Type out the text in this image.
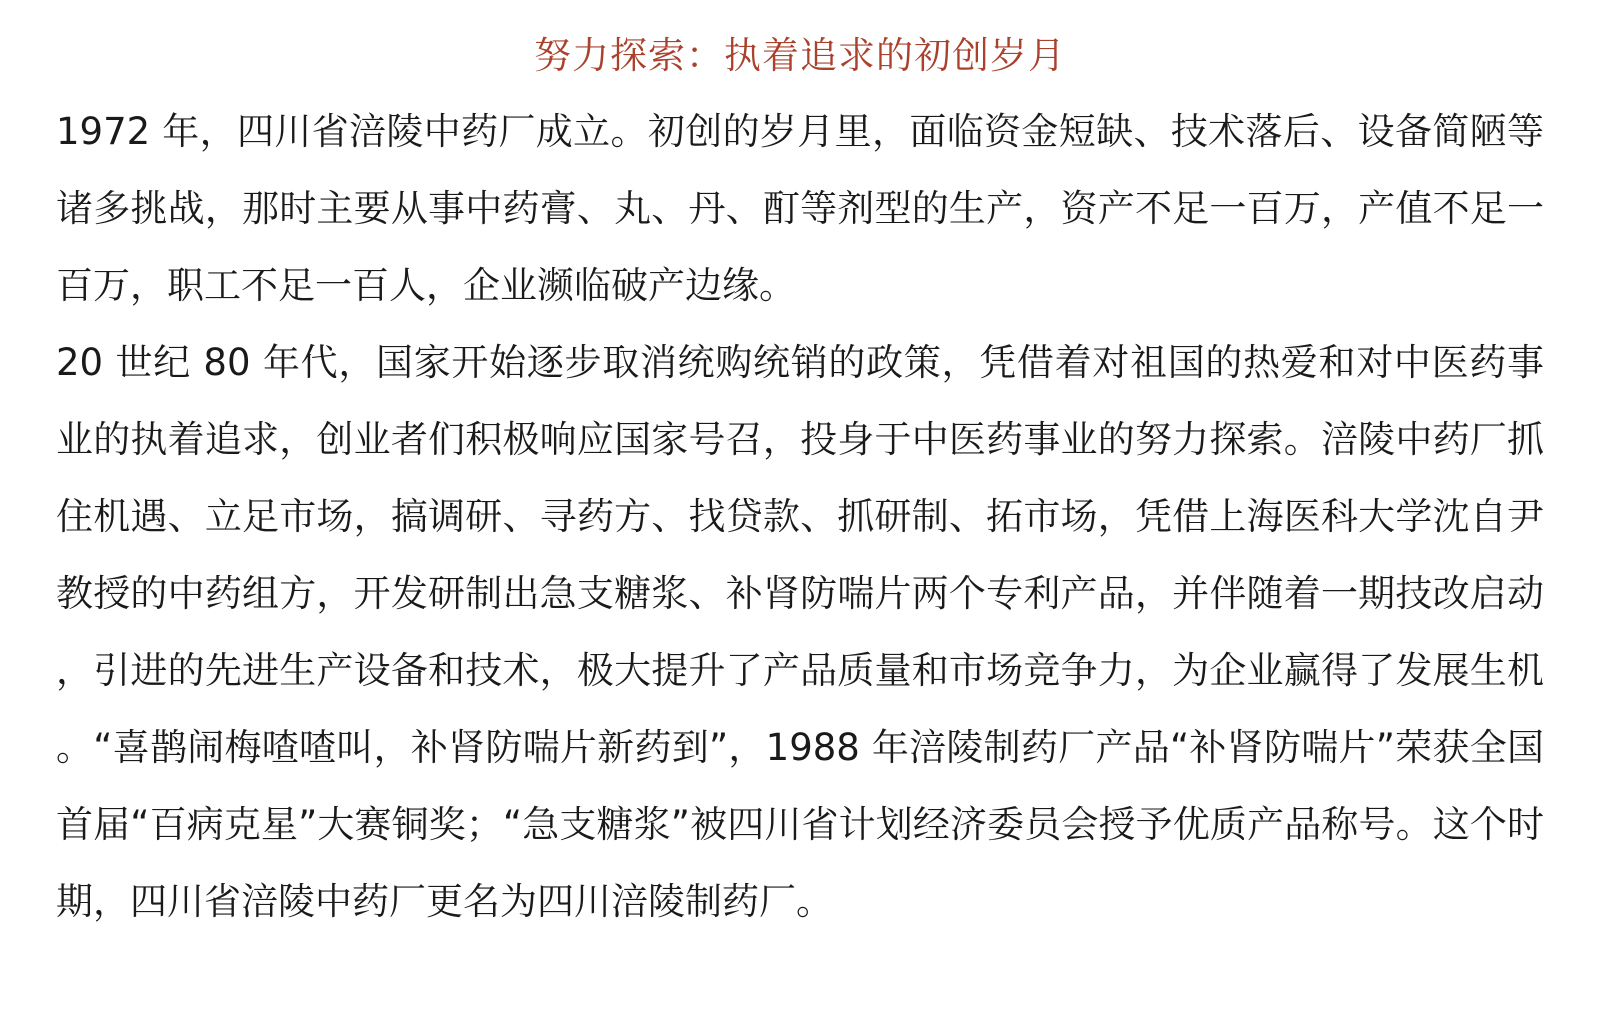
努力探索：执着追求的初创岁月

1972 年，四川省涪陵中药厂成立。初创的岁月里，面临资金短缺、技术落后、设备简陋等诸多挑战，那时主要从事中药膏、丸、丹、酊等剂型的生产，资产不足一百万，产值不足一百万，职工不足一百人，企业濒临破产边缘。

20 世纪 80 年代，国家开始逐步取消统购统销的政策，凭借着对祖国的热爱和对中医药事业的执着追求，创业者们积极响应国家号召，投身于中医药事业的努力探索。涪陵中药厂抓住机遇、立足市场，搞调研、寻药方、找贷款、抓研制、拓市场，凭借上海医科大学沈自尹教授的中药组方，开发研制出急支糖浆、补肾防喘片两个专利产品，并伴随着一期技改启动，引进的先进生产设备和技术，极大提升了产品质量和市场竞争力，为企业赢得了发展生机。“喜鹊闹梅喳喳叫，补肾防喘片新药到”，1988 年涪陵制药厂产品“补肾防喘片”荣获全国首届“百病克星”大赛铜奖；“急支糖浆”被四川省计划经济委员会授予优质产品称号。这个时期，四川省涪陵中药厂更名为四川涪陵制药厂。
